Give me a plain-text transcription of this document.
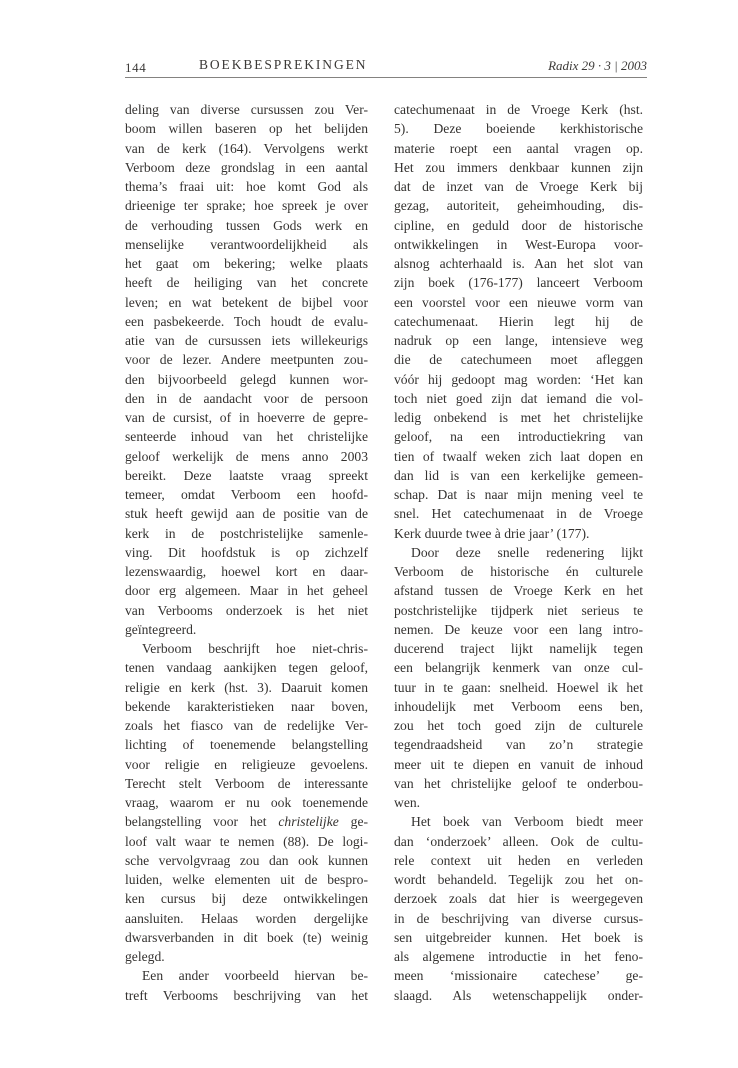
144	BOEKBESPREKINGEN	Radix 29 · 3 | 2003
deling van diverse cursussen zou Ver-
boom willen baseren op het belijden
van de kerk (164). Vervolgens werkt
Verboom deze grondslag in een aantal
thema’s fraai uit: hoe komt God als
drieenige ter sprake; hoe spreek je over
de verhouding tussen Gods werk en
menselijke verantwoordelijkheid als
het gaat om bekering; welke plaats
heeft de heiliging van het concrete
leven; en wat betekent de bijbel voor
een pasbekeerde. Toch houdt de evalu-
atie van de cursussen iets willekeurigs
voor de lezer. Andere meetpunten zou-
den bijvoorbeeld gelegd kunnen wor-
den in de aandacht voor de persoon
van de cursist, of in hoeverre de gepre-
senteerde inhoud van het christelijke
geloof werkelijk de mens anno 2003
bereikt. Deze laatste vraag spreekt
temeer, omdat Verboom een hoofd-
stuk heeft gewijd aan de positie van de
kerk in de postchristelijke samenle-
ving. Dit hoofdstuk is op zichzelf
lezenswaardig, hoewel kort en daar-
door erg algemeen. Maar in het geheel
van Verbooms onderzoek is het niet
geïntegreerd.
Verboom beschrijft hoe niet-chris-
tenen vandaag aankijken tegen geloof,
religie en kerk (hst. 3). Daaruit komen
bekende karakteristieken naar boven,
zoals het fiasco van de redelijke Ver-
lichting of toenemende belangstelling
voor religie en religieuze gevoelens.
Terecht stelt Verboom de interessante
vraag, waarom er nu ook toenemende
belangstelling voor het christelijke ge-
loof valt waar te nemen (88). De logi-
sche vervolgvraag zou dan ook kunnen
luiden, welke elementen uit de bespro-
ken cursus bij deze ontwikkelingen
aansluiten. Helaas worden dergelijke
dwarsverbanden in dit boek (te) weinig
gelegd.
Een ander voorbeeld hiervan be-
treft Verbooms beschrijving van het
catechumenaat in de Vroege Kerk (hst.
5). Deze boeiende kerkhistorische
materie roept een aantal vragen op.
Het zou immers denkbaar kunnen zijn
dat de inzet van de Vroege Kerk bij
gezag, autoriteit, geheimhouding, dis-
cipline, en geduld door de historische
ontwikkelingen in West-Europa voor-
alsnog achterhaald is. Aan het slot van
zijn boek (176-177) lanceert Verboom
een voorstel voor een nieuwe vorm van
catechumenaat. Hierin legt hij de
nadruk op een lange, intensieve weg
die de catechumeen moet afleggen
vóór hij gedoopt mag worden: ‘Het kan
toch niet goed zijn dat iemand die vol-
ledig onbekend is met het christelijke
geloof, na een introductiekring van
tien of twaalf weken zich laat dopen en
dan lid is van een kerkelijke gemeen-
schap. Dat is naar mijn mening veel te
snel. Het catechumenaat in de Vroege
Kerk duurde twee à drie jaar’ (177).
Door deze snelle redenering lijkt
Verboom de historische én culturele
afstand tussen de Vroege Kerk en het
postchristelijke tijdperk niet serieus te
nemen. De keuze voor een lang intro-
ducerend traject lijkt namelijk tegen
een belangrijk kenmerk van onze cul-
tuur in te gaan: snelheid. Hoewel ik het
inhoudelijk met Verboom eens ben,
zou het toch goed zijn de culturele
tegendraadsheid van zo’n strategie
meer uit te diepen en vanuit de inhoud
van het christelijke geloof te onderbou-
wen.
Het boek van Verboom biedt meer
dan ‘onderzoek’ alleen. Ook de cultu-
rele context uit heden en verleden
wordt behandeld. Tegelijk zou het on-
derzoek zoals dat hier is weergegeven
in de beschrijving van diverse cursus-
sen uitgebreider kunnen. Het boek is
als algemene introductie in het feno-
meen ‘missionaire catechese’ ge-
slaagd. Als wetenschappelijk onder-
